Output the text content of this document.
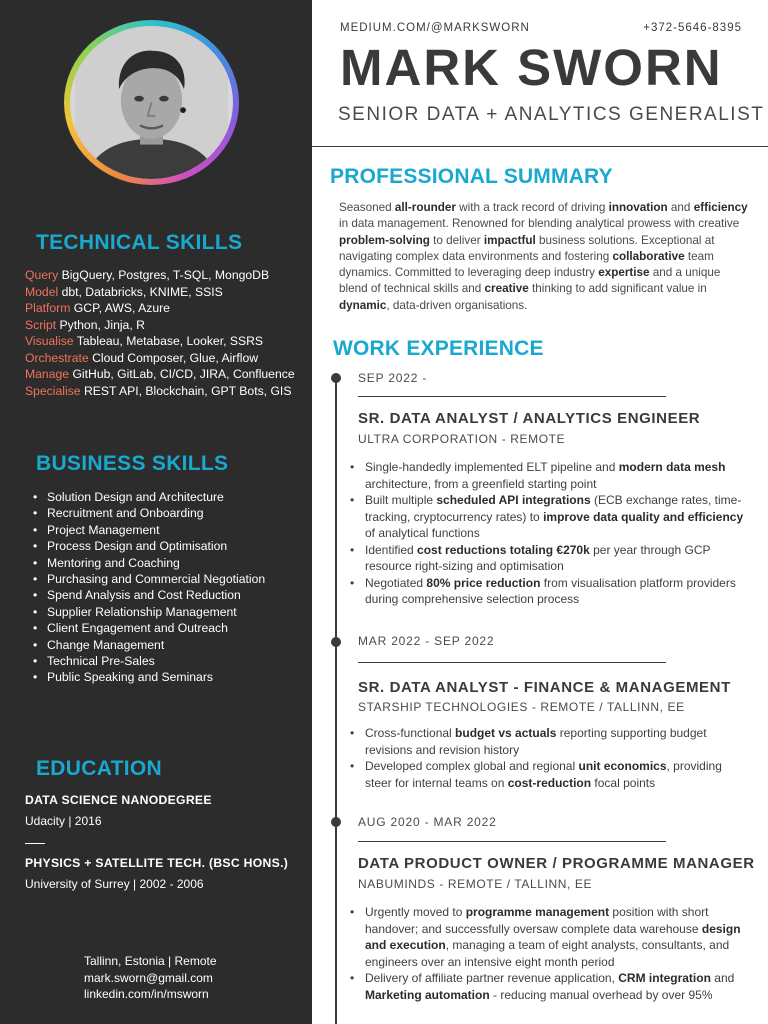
TECHNICAL SKILLS
Query BigQuery, Postgres, T-SQL, MongoDB
Model dbt, Databricks, KNIME, SSIS
Platform GCP, AWS, Azure
Script Python, Jinja, R
Visualise Tableau, Metabase, Looker, SSRS
Orchestrate Cloud Composer, Glue, Airflow
Manage GitHub, GitLab, CI/CD, JIRA, Confluence
Specialise REST API, Blockchain, GPT Bots, GIS
BUSINESS SKILLS
• Solution Design and Architecture
• Recruitment and Onboarding
• Project Management
• Process Design and Optimisation
• Mentoring and Coaching
• Purchasing and Commercial Negotiation
• Spend Analysis and Cost Reduction
• Supplier Relationship Management
• Client Engagement and Outreach
• Change Management
• Technical Pre-Sales
• Public Speaking and Seminars
EDUCATION
DATA SCIENCE NANODEGREE
Udacity | 2016
PHYSICS + SATELLITE TECH. (BSC HONS.)
University of Surrey | 2002 - 2006
Tallinn, Estonia | Remote
mark.sworn@gmail.com
linkedin.com/in/msworn
MEDIUM.COM/@MARKSWORN	+372-5646-8395
MARK SWORN
SENIOR DATA + ANALYTICS GENERALIST
PROFESSIONAL SUMMARY

Seasoned all-rounder with a track record of driving innovation and efficiency in data management. Renowned for blending analytical prowess with creative problem-solving to deliver impactful business solutions. Exceptional at navigating complex data environments and fostering collaborative team dynamics. Committed to leveraging deep industry expertise and a unique blend of technical skills and creative thinking to add significant value in dynamic, data-driven organisations.

WORK EXPERIENCE
SEP 2022 -
SR. DATA ANALYST / ANALYTICS ENGINEER
ULTRA CORPORATION - REMOTE
• Single-handedly implemented ELT pipeline and modern data mesh architecture, from a greenfield starting point
• Built multiple scheduled API integrations (ECB exchange rates, time-tracking, cryptocurrency rates) to improve data quality and efficiency of analytical functions
• Identified cost reductions totaling €270k per year through GCP resource right-sizing and optimisation
• Negotiated 80% price reduction from visualisation platform providers during comprehensive selection process
MAR 2022 - SEP 2022
SR. DATA ANALYST - FINANCE & MANAGEMENT
STARSHIP TECHNOLOGIES - REMOTE / TALLINN, EE
• Cross-functional budget vs actuals reporting supporting budget revisions and revision history
• Developed complex global and regional unit economics, providing steer for internal teams on cost-reduction focal points
AUG 2020 - MAR 2022
DATA PRODUCT OWNER / PROGRAMME MANAGER
NABUMINDS - REMOTE / TALLINN, EE
• Urgently moved to programme management position with short handover; and successfully oversaw complete data warehouse design and execution, managing a team of eight analysts, consultants, and engineers over an intensive eight month period
• Delivery of affiliate partner revenue application, CRM integration and Marketing automation - reducing manual overhead by over 95%
